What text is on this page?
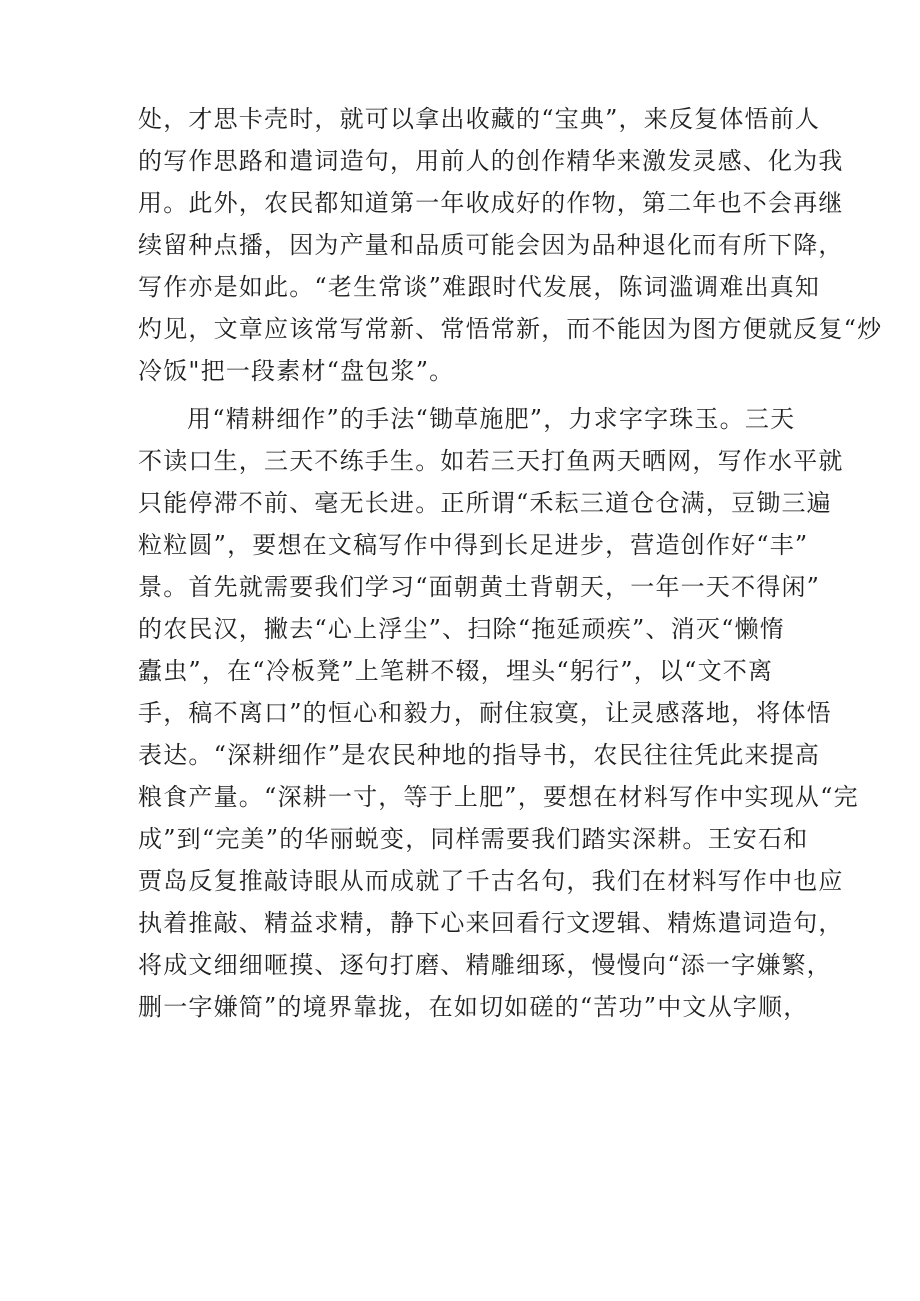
处，才思卡壳时，就可以拿出收藏的“宝典”，来反复体悟前人
的写作思路和遣词造句，用前人的创作精华来激发灵感、化为我
用。此外，农民都知道第一年收成好的作物，第二年也不会再继
续留种点播，因为产量和品质可能会因为品种退化而有所下降，
写作亦是如此。“老生常谈”难跟时代发展，陈词滥调难出真知
灼见，文章应该常写常新、常悟常新，而不能因为图方便就反复“炒
冷饭"把一段素材“盘包浆”。
用“精耕细作”的手法“锄草施肥”，力求字字珠玉。三天
不读口生，三天不练手生。如若三天打鱼两天晒网，写作水平就
只能停滞不前、毫无长进。正所谓“禾耘三道仓仓满，豆锄三遍
粒粒圆”，要想在文稿写作中得到长足进步，营造创作好“丰”
景。首先就需要我们学习“面朝黄土背朝天，一年一天不得闲”
的农民汉，撇去“心上浮尘”、扫除“拖延顽疾”、消灭“懒惰
蠹虫”，在“冷板凳”上笔耕不辍，埋头“躬行”，以“文不离
手，稿不离口”的恒心和毅力，耐住寂寞，让灵感落地，将体悟
表达。“深耕细作”是农民种地的指导书，农民往往凭此来提高
粮食产量。“深耕一寸，等于上肥”，要想在材料写作中实现从“完
成”到“完美”的华丽蜕变，同样需要我们踏实深耕。王安石和
贾岛反复推敲诗眼从而成就了千古名句，我们在材料写作中也应
执着推敲、精益求精，静下心来回看行文逻辑、精炼遣词造句，
将成文细细咂摸、逐句打磨、精雕细琢，慢慢向“添一字嫌繁，
删一字嫌简”的境界靠拢，在如切如磋的“苦功”中文从字顺，
